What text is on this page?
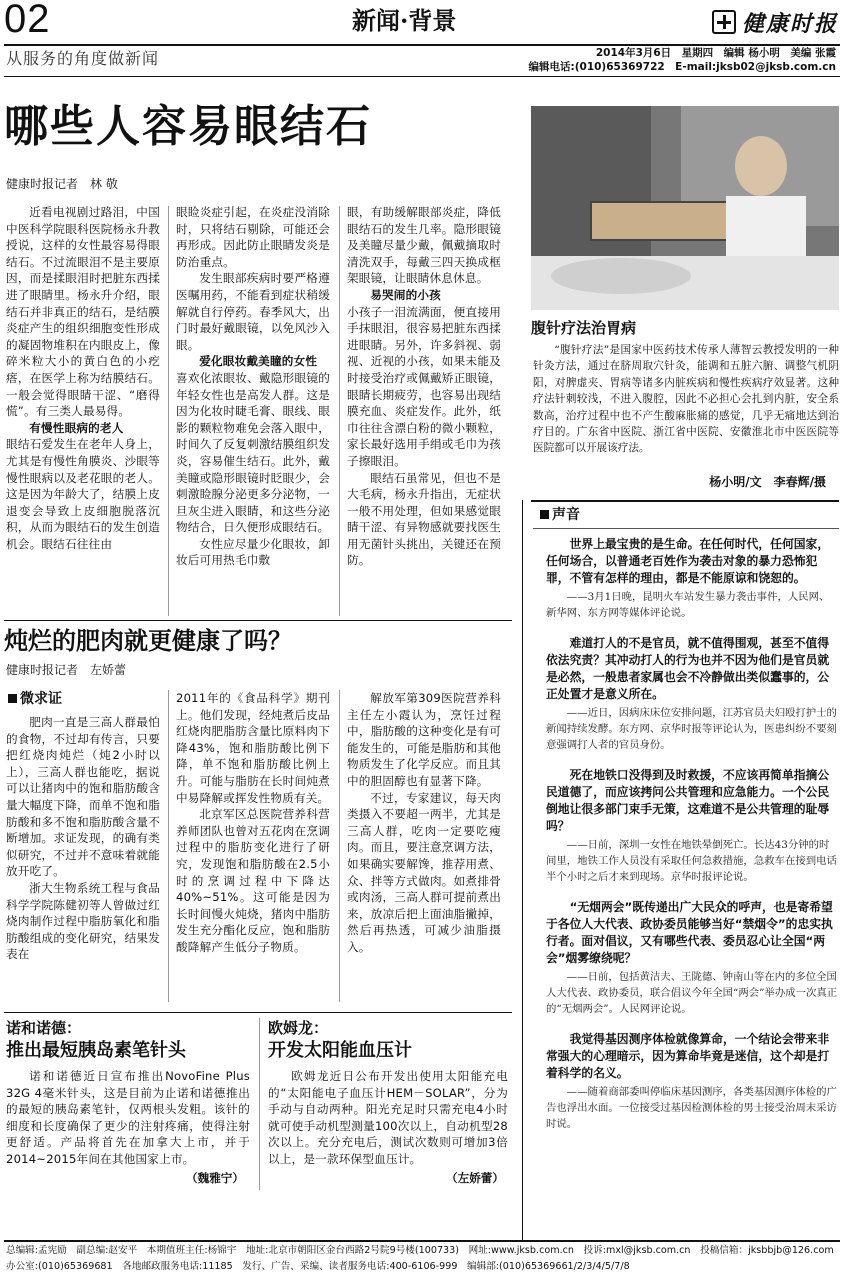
02	新闻·背景	健康时报
从服务的角度做新闻	2014年3月6日　星期四　编辑 杨小明　美编 张霞
编辑电话:(010)65369722　E-mail:jksb02@jksb.com.cn
哪些人容易眼结石
健康时报记者　林 敬

近看电视剧过路泪，中国中医科学院眼科医院杨永升教授说，这样的女性最容易得眼结石。不过流眼泪不是主要原因，而是揉眼泪时把脏东西揉进了眼睛里。杨永升介绍，眼结石并非真正的结石，是结膜炎症产生的组织细胞变性形成的凝固物堆积在内眼皮上，像碎米粒大小的黄白色的小疙瘩，在医学上称为结膜结石。一般会觉得眼睛干涩、“磨得慌”。有三类人最易得。

有慢性眼病的老人

眼结石爱发生在老年人身上，尤其是有慢性角膜炎、沙眼等慢性眼病以及老花眼的老人。这是因为年龄大了，结膜上皮退变会导致上皮细胞脱落沉积，从而为眼结石的发生创造机会。眼结石往往由

眼睑炎症引起，在炎症没消除时，只将结石剔除，可能还会再形成。因此防止眼睛发炎是防治重点。

发生眼部疾病时要严格遵医嘱用药，不能看到症状稍缓解就自行停药。春季风大，出门时最好戴眼镜，以免风沙入眼。

爱化眼妆戴美瞳的女性

喜欢化浓眼妆、戴隐形眼镜的年轻女性也是高发人群。这是因为化妆时睫毛膏、眼线、眼影的颗粒物难免会落入眼中，时间久了反复刺激结膜组织发炎，容易催生结石。此外，戴美瞳或隐形眼镜时眨眼少，会刺激睑腺分泌更多分泌物，一旦灰尘进入眼睛，和这些分泌物结合，日久便形成眼结石。

女性应尽量少化眼妆，卸妆后可用热毛巾敷

眼，有助缓解眼部炎症，降低眼结石的发生几率。隐形眼镜及美瞳尽量少戴，佩戴摘取时清洗双手，每戴三四天换成框架眼镜，让眼睛休息休息。

易哭闹的小孩

小孩子一泪流满面，便直接用手抹眼泪，很容易把脏东西揉进眼睛。另外，许多斜视、弱视、近视的小孩，如果未能及时接受治疗或佩戴矫正眼镜，眼睛长期疲劳，也容易出现结膜充血、炎症发作。此外，纸巾往往含漂白粉的微小颗粒，家长最好选用手绢或毛巾为孩子擦眼泪。

眼结石虽常见，但也不是大毛病，杨永升指出，无症状一般不用处理，但如果感觉眼睛干涩、有异物感就要找医生用无菌针头挑出，关键还在预防。

腹针疗法治胃病
“腹针疗法”是国家中医药技术传承人薄智云教授发明的一种针灸方法，通过在脐周取穴针灸，能调和五脏六腑、调整气机阴阳，对脾虚夹、胃病等诸多内脏疾病和慢性疾病疗效显著。这种疗法针刺较浅，不进入腹腔，因此不必担心会扎到内脏，安全系数高，治疗过程中也不产生酸麻胀痛的感觉，几乎无痛地达到治疗目的。广东省中医院、浙江省中医院、安徽淮北市中医医院等医院都可以开展该疗法。
杨小明/文　李春辉/摄
声音

世界上最宝贵的是生命。在任何时代，任何国家，任何场合，以普通老百姓作为袭击对象的暴力恐怖犯罪，不管有怎样的理由，都是不能原谅和饶恕的。

——3月1日晚，昆明火车站发生暴力袭击事件，人民网、新华网、东方网等媒体评论说。

难道打人的不是官员，就不值得围观，甚至不值得依法究责？其冲动打人的行为也并不因为他们是官员就是必然，一般患者家属也会不冷静做出类似蠢事的，公正处置才是意义所在。

——近日，因病床床位安排问题，江苏官员夫妇殴打护士的新闻持续发酵。东方网、京华时报等评论认为，医患纠纷不要刻意强调打人者的官员身份。

死在地铁口没得到及时救援，不应该再简单指摘公民道德了，而应该拷问公共管理和应急能力。一个公民倒地让很多部门束手无策，这难道不是公共管理的耻辱吗？

——日前，深圳一女性在地铁晕倒死亡。长达43分钟的时间里，地铁工作人员没有采取任何急救措施，急救车在接到电话半个小时之后才来到现场。京华时报评论说。

“无烟两会”既传递出广大民众的呼声，也是寄希望于各位人大代表、政协委员能够当好“禁烟令”的忠实执行者。面对倡议，又有哪些代表、委员忍心让全国“两会”烟雾缭绕呢？

——日前，包括黄洁夫、王陇德、钟南山等在内的多位全国人大代表、政协委员，联合倡议今年全国“两会”举办成一次真正的“无烟两会”。人民网评论说。

我觉得基因测序体检就像算命，一个结论会带来非常强大的心理暗示，因为算命毕竟是迷信，这个却是打着科学的名义。

——随着商部委叫停临床基因测序，各类基因测序体检的广告也浮出水面。一位接受过基因检测体检的男士接受治周末采访时说。

炖烂的肥肉就更健康了吗？
健康时报记者　左娇蕾
微求证

肥肉一直是三高人群最怕的食物，不过却有传言，只要把红烧肉炖烂（炖2小时以上），三高人群也能吃，据说可以让猪肉中的饱和脂肪酸含量大幅度下降，而单不饱和脂肪酸和多不饱和脂肪酸含量不断增加。求证发现，的确有类似研究，不过并不意味着就能放开吃了。

浙大生物系统工程与食品科学学院陈健初等人曾做过红烧肉制作过程中脂肪氧化和脂肪酸组成的变化研究，结果发表在

2011年的《食品科学》期刊上。他们发现，经炖煮后皮品红烧肉肥脂肪含量比原料肉下降43%，饱和脂肪酸比例下降，单不饱和脂肪酸比例上升。可能与脂肪在长时间炖煮中易降解或挥发性物质有关。

北京军区总医院营养科营养师团队也曾对五花肉在烹调过程中的脂肪变化进行了研究，发现饱和脂肪酸在2.5小时的烹调过程中下降达40%~51%。这可能是因为长时间慢火炖烧，猪肉中脂肪发生充分酯化反应，饱和脂肪酸降解产生低分子物质。

解放军第309医院营养科主任左小霞认为，烹饪过程中，脂肪酸的这种变化是有可能发生的，可能是脂肪和其他物质发生了化学反应。而且其中的胆固醇也有显著下降。

不过，专家建议，每天肉类摄入不要超一两半，尤其是三高人群，吃肉一定要吃瘦肉。而且，要注意烹调方法，如果确实要解馋，推荐用煮、众、拌等方式做肉。如煮排骨或肉汤，三高人群可提前煮出来，放凉后把上面油脂撇掉，然后再热透，可减少油脂摄入。

诺和诺德：
推出最短胰岛素笔针头

诺和诺德近日宣布推出NovoFine Plus 32G 4毫米针头，这是目前为止诺和诺德推出的最短的胰岛素笔针，仅两根头发粗。该针的细度和长度确保了更少的注射疼痛，使得注射更舒适。产品将首先在加拿大上市，并于2014~2015年间在其他国家上市。

（魏雅宁）
欧姆龙：
开发太阳能血压计

欧姆龙近日公布开发出使用太阳能充电的“太阳能电子血压计HEM－SOLAR”，分为手动与自动两种。阳光充足时只需充电4小时就可使手动机型测量100次以上，自动机型28次以上。充分充电后，测试次数则可增加3倍以上，是一款环保型血压计。

（左娇蕾）
总编辑:孟宪励　副总编:赵安平　本期值班主任:杨锦宇　地址:北京市朝阳区金台西路2号院9号楼(100733)　网址:www.jksb.com.cn　投诉:mxl@jksb.com.cn　投稿信箱：jksbbjb@126.com
办公室:(010)65369681　各地邮政服务电话:11185　发行、广告、采编、读者服务电话:400-6106-999　编辑部:(010)65369661/2/3/4/5/7/8
